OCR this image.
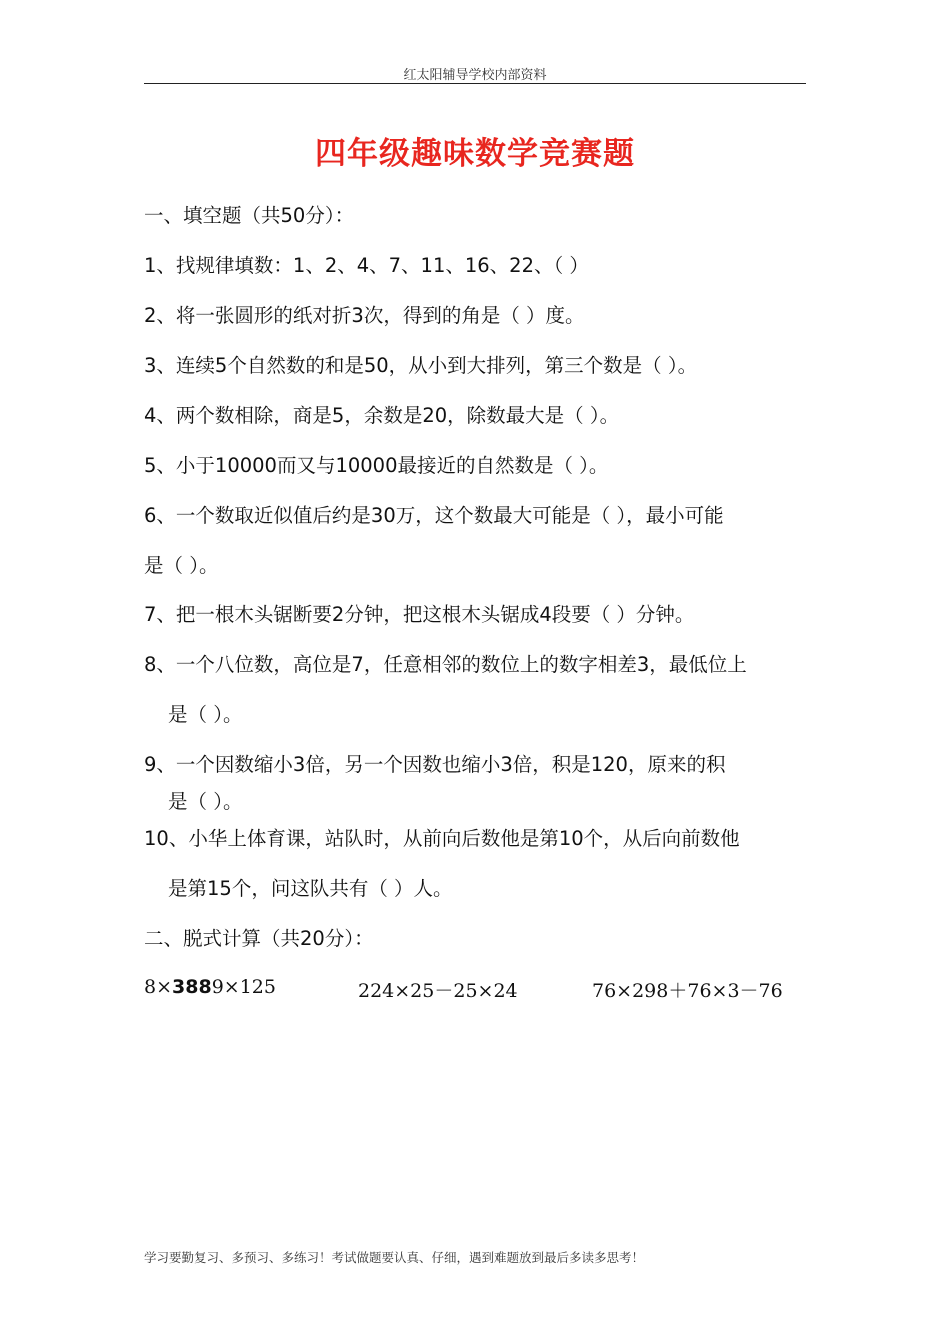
红太阳辅导学校内部资料
四年级趣味数学竞赛题
一、填空题（共50分）：
1、找规律填数：1、2、4、7、11、16、22、（ ）
2、将一张圆形的纸对折3次，得到的角是（ ）度。
3、连续5个自然数的和是50，从小到大排列，第三个数是（ ）。
4、两个数相除，商是5，余数是20，除数最大是（ ）。
5、小于10000而又与10000最接近的自然数是（ ）。
6、一个数取近似值后约是30万，这个数最大可能是（ ），最小可能
是（ ）。
7、把一根木头锯断要2分钟，把这根木头锯成4段要（ ）分钟。
8、一个八位数，高位是7，任意相邻的数位上的数字相差3，最低位上
是（ ）。
9、一个因数缩小3倍，另一个因数也缩小3倍，积是120，原来的积
是（ ）。
10、小华上体育课，站队时，从前向后数他是第10个，从后向前数他
是第15个，问这队共有（ ）人。
二、脱式计算（共20分）：
8×3889×125	224×25－25×24	76×298＋76×3－76
学习要勤复习、多预习、多练习！考试做题要认真、仔细，遇到难题放到最后多读多思考！
